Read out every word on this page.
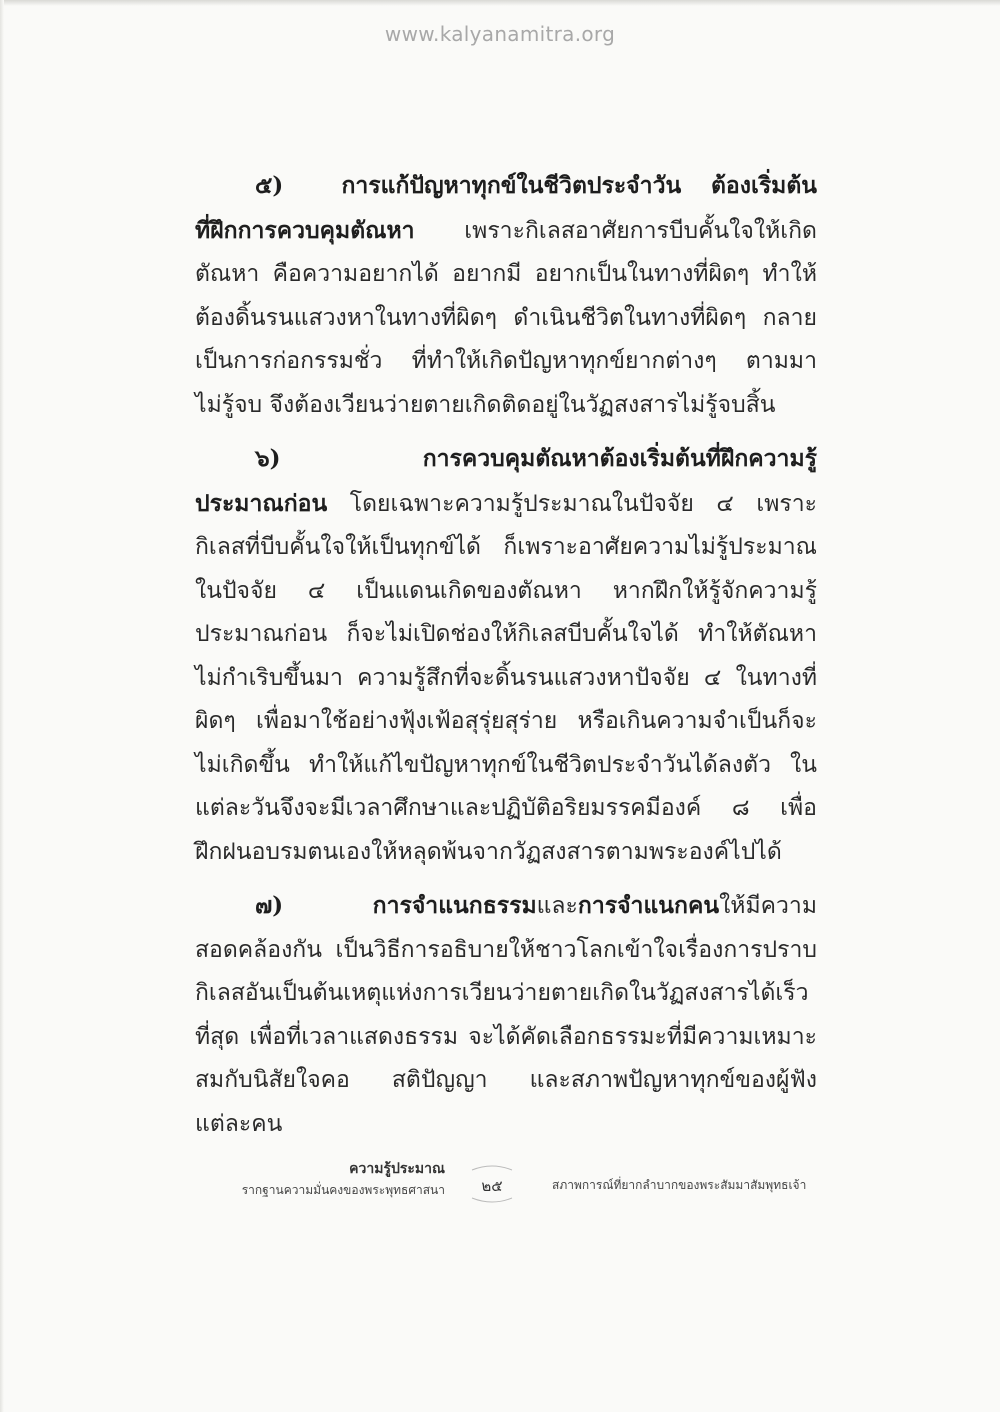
www.kalyanamitra.org
๕)	การแก้ปัญหาทุกข์ในชีวิตประจำวัน ต้องเริ่มต้น
ที่ฝึกการควบคุมตัณหา เพราะกิเลสอาศัยการบีบคั้นใจให้เกิด
ตัณหา คือความอยากได้ อยากมี อยากเป็นในทางที่ผิดๆ ทำให้
ต้องดิ้นรนแสวงหาในทางที่ผิดๆ ดำเนินชีวิตในทางที่ผิดๆ กลาย
เป็นการก่อกรรมชั่ว ที่ทำให้เกิดปัญหาทุกข์ยากต่างๆ ตามมา
ไม่รู้จบ จึงต้องเวียนว่ายตายเกิดติดอยู่ในวัฏสงสารไม่รู้จบสิ้น
๖)	การควบคุมตัณหาต้องเริ่มต้นที่ฝึกความรู้
ประมาณก่อน โดยเฉพาะความรู้ประมาณในปัจจัย ๔ เพราะ
กิเลสที่บีบคั้นใจให้เป็นทุกข์ได้ ก็เพราะอาศัยความไม่รู้ประมาณ
ในปัจจัย ๔ เป็นแดนเกิดของตัณหา หากฝึกให้รู้จักความรู้
ประมาณก่อน ก็จะไม่เปิดช่องให้กิเลสบีบคั้นใจได้ ทำให้ตัณหา
ไม่กำเริบขึ้นมา ความรู้สึกที่จะดิ้นรนแสวงหาปัจจัย ๔ ในทางที่
ผิดๆ เพื่อมาใช้อย่างฟุ้งเฟ้อสุรุ่ยสุร่าย หรือเกินความจำเป็นก็จะ
ไม่เกิดขึ้น ทำให้แก้ไขปัญหาทุกข์ในชีวิตประจำวันได้ลงตัว ใน
แต่ละวันจึงจะมีเวลาศึกษาและปฏิบัติอริยมรรคมีองค์ ๘ เพื่อ
ฝึกฝนอบรมตนเองให้หลุดพ้นจากวัฏสงสารตามพระองค์ไปได้
๗)	การจำแนกธรรมและการจำแนกคนให้มีความ
สอดคล้องกัน เป็นวิธีการอธิบายให้ชาวโลกเข้าใจเรื่องการปราบ
กิเลสอันเป็นต้นเหตุแห่งการเวียนว่ายตายเกิดในวัฏสงสารได้เร็ว
ที่สุด เพื่อที่เวลาแสดงธรรม จะได้คัดเลือกธรรมะที่มีความเหมาะ
สมกับนิสัยใจคอ สติปัญญา และสภาพปัญหาทุกข์ของผู้ฟัง
แต่ละคน
ความรู้ประมาณ
รากฐานความมั่นคงของพระพุทธศาสนา	๒๕	สภาพการณ์ที่ยากลำบากของพระสัมมาสัมพุทธเจ้า
